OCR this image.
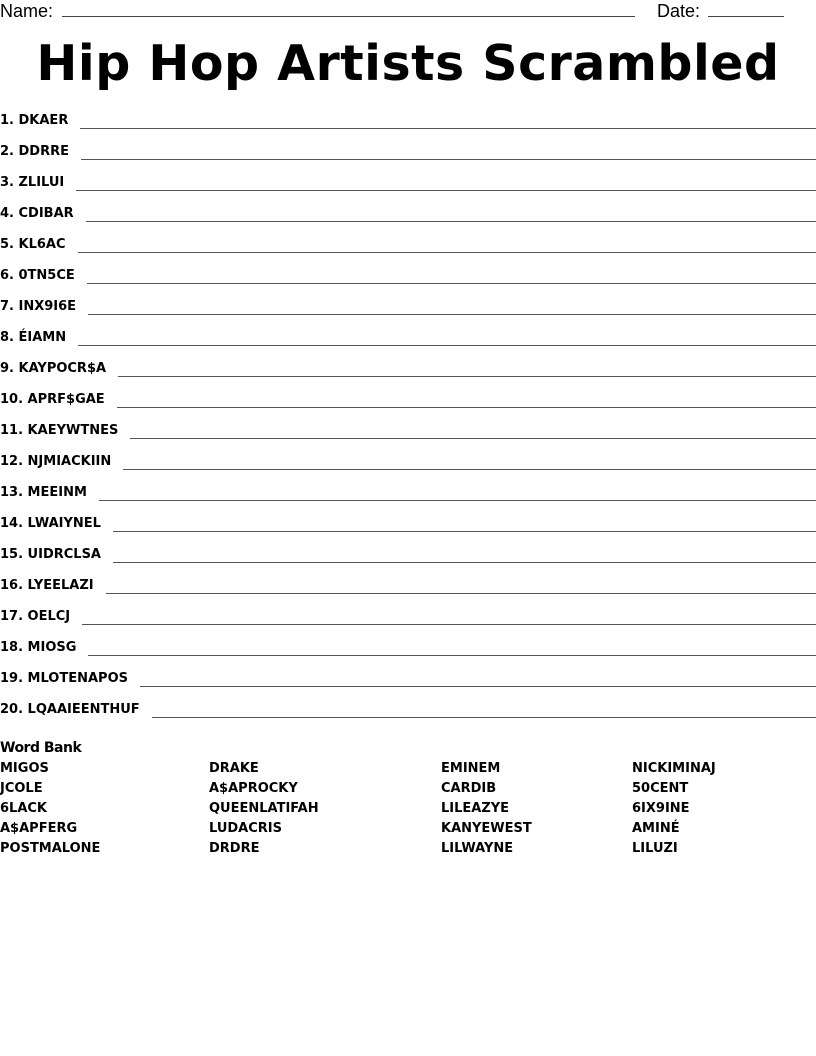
Name:	Date:
Hip Hop Artists Scrambled
1. DKAER
2. DDRRE
3. ZLILUI
4. CDIBAR
5. KL6AC
6. 0TN5CE
7. INX9I6E
8. ÉIAMN
9. KAYPOCR$A
10. APRF$GAE
11. KAEYWTNES
12. NJMIACKIIN
13. MEEINM
14. LWAIYNEL
15. UIDRCLSA
16. LYEELAZI
17. OELCJ
18. MIOSG
19. MLOTENAPOS
20. LQAAIEENTHUF
Word Bank
MIGOS	DRAKE	EMINEM	NICKIMINAJ
JCOLE	A$APROCKY	CARDIB	50CENT
6LACK	QUEENLATIFAH	LILEAZYE	6IX9INE
A$APFERG	LUDACRIS	KANYEWEST	AMINÉ
POSTMALONE	DRDRE	LILWAYNE	LILUZI
